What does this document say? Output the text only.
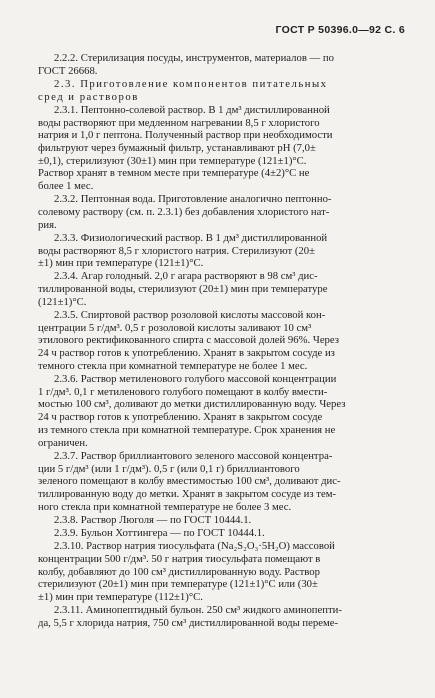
ГОСТ Р 50396.0—92 С. 6
2.2.2. Стерилизация посуды, инструментов, материалов — по
ГОСТ 26668.
2.3. Приготовление компонентов питательных
сред и растворов
2.3.1. Пептонно-солевой раствор. В 1 дм³ дистиллированной
воды растворяют при медленном нагревании 8,5 г хлористого
натрия и 1,0 г пептона. Полученный раствор при необходимости
фильтруют через бумажный фильтр, устанавливают pH (7,0±
±0,1), стерилизуют (30±1) мин при температуре (121±1)°С.
Раствор хранят в темном месте при температуре (4±2)°С не
более 1 мес.
2.3.2. Пептонная вода. Приготовление аналогично пептонно-
солевому раствору (см. п. 2.3.1) без добавления хлористого нат-
рия.
2.3.3. Физиологический раствор. В 1 дм³ дистиллированной
воды растворяют 8,5 г хлористого натрия. Стерилизуют (20±
±1) мин при температуре (121±1)°С.
2.3.4. Агар голодный. 2,0 г агара растворяют в 98 см³ дис-
тиллированной воды, стерилизуют (20±1) мин при температуре
(121±1)°С.
2.3.5. Спиртовой раствор розоловой кислоты массовой кон-
центрации 5 г/дм³. 0,5 г розоловой кислоты заливают 10 см³
этилового ректификованного спирта с массовой долей 96%. Через
24 ч раствор готов к употреблению. Хранят в закрытом сосуде из
темного стекла при комнатной температуре не более 1 мес.
2.3.6. Раствор метиленового голубого массовой концентрации
1 г/дм³. 0,1 г метиленового голубого помещают в колбу вмести-
мостью 100 см³, доливают до метки дистиллированную воду. Через
24 ч раствор готов к употреблению. Хранят в закрытом сосуде
из темного стекла при комнатной температуре. Срок хранения не
ограничен.
2.3.7. Раствор бриллиантового зеленого массовой концентра-
ции 5 г/дм³ (или 1 г/дм³). 0,5 г (или 0,1 г) бриллиантового
зеленого помещают в колбу вместимостью 100 см³, доливают дис-
тиллированную воду до метки. Хранят в закрытом сосуде из тем-
ного стекла при комнатной температуре не более 3 мес.
2.3.8. Раствор Люголя — по ГОСТ 10444.1.
2.3.9. Бульон Хоттингера — по ГОСТ 10444.1.
2.3.10. Раствор натрия тиосульфата (Na₂S₂O₃·5H₂O) массовой
концентрации 500 г/дм³. 50 г натрия тиосульфата помещают в
колбу, добавляют до 100 см³ дистиллированную воду. Раствор
стерилизуют (20±1) мин при температуре (121±1)°С или (30±
±1) мин при температуре (112±1)°С.
2.3.11. Аминопептидный бульон. 250 см³ жидкого аминопепти-
да, 5,5 г хлорида натрия, 750 см³ дистиллированной воды переме-
